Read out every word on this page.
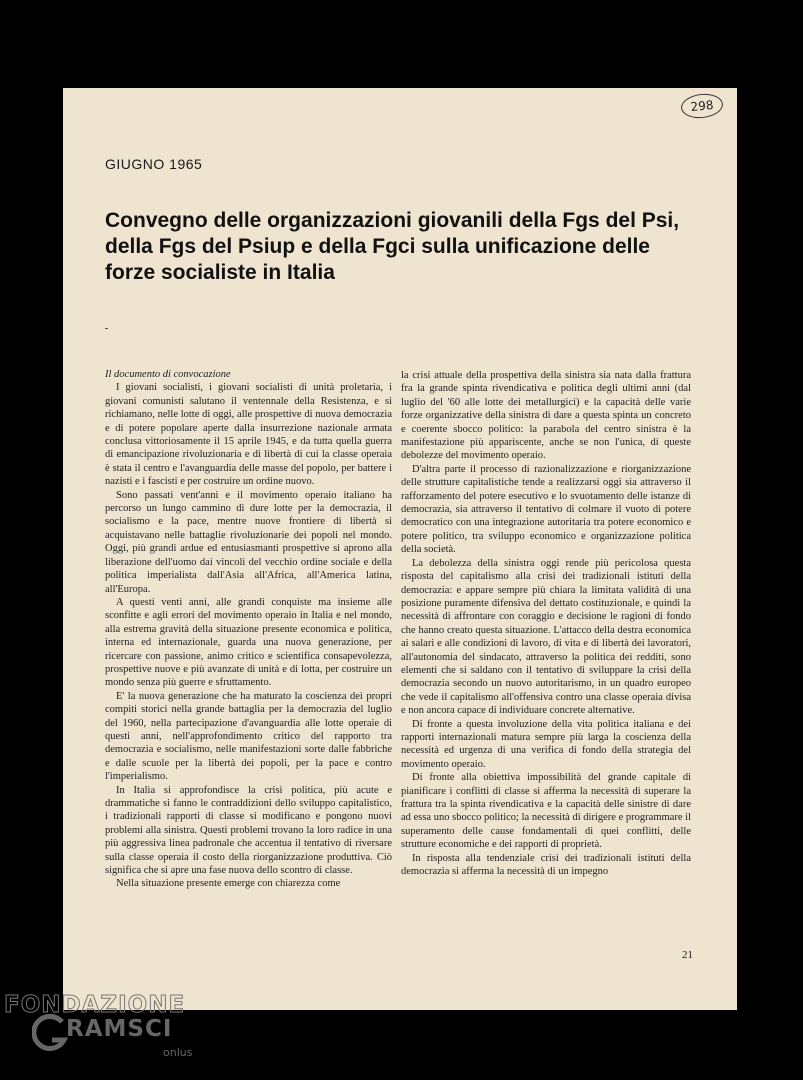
298
GIUGNO 1965
Convegno delle organizzazioni giovanili della Fgs del Psi, della Fgs del Psiup e della Fgci sulla unificazione delle forze socialiste in Italia

Il documento di convocazione

I giovani socialisti, i giovani socialisti di unità proletaria, i giovani comunisti salutano il ventennale della Resistenza, e si richiamano, nelle lotte di oggi, alle prospettive di nuova democrazia e di potere popolare aperte dalla insurrezione nazionale armata conclusa vittoriosamente il 15 aprile 1945, e da tutta quella guerra di emancipazione rivoluzionaria e di libertà di cui la classe operaia è stata il centro e l'avanguardia delle masse del popolo, per battere i nazisti e i fascisti e per costruire un ordine nuovo.

Sono passati vent'anni e il movimento operaio italiano ha percorso un lungo cammino di dure lotte per la democrazia, il socialismo e la pace, mentre nuove frontiere di libertà si acquistavano nelle battaglie rivoluzionarie dei popoli nel mondo. Oggi, più grandi ardue ed entusiasmanti prospettive si aprono alla liberazione dell'uomo dai vincoli del vecchio ordine sociale e della politica imperialista dall'Asia all'Africa, all'America latina, all'Europa.

A questi venti anni, alle grandi conquiste ma insieme alle sconfitte e agli errori del movimento operaio in Italia e nel mondo, alla estrema gravità della situazione presente economica e politica, interna ed internazionale, guarda una nuova generazione, per ricercare con passione, animo critico e scientifica consapevolezza, prospettive nuove e più avanzate di unità e di lotta, per costruire un mondo senza più guerre e sfruttamento.

E' la nuova generazione che ha maturato la coscienza dei propri compiti storici nella grande battaglia per la democrazia del luglio del 1960, nella partecipazione d'avanguardia alle lotte operaie di questi anni, nell'approfondimento critico del rapporto tra democrazia e socialismo, nelle manifestazioni sorte dalle fabbriche e dalle scuole per la libertà dei popoli, per la pace e contro l'imperialismo.

In Italia si approfondisce la crisi politica, più acute e drammatiche si fanno le contraddizioni dello sviluppo capitalistico, i tradizionali rapporti di classe si modificano e pongono nuovi problemi alla sinistra. Questi problemi trovano la loro radice in una più aggressiva linea padronale che accentua il tentativo di riversare sulla classe operaia il costo della riorganizzazione produttiva. Ciò significa che si apre una fase nuova dello scontro di classe.

Nella situazione presente emerge con chiarezza come

la crisi attuale della prospettiva della sinistra sia nata dalla frattura fra la grande spinta rivendicativa e politica degli ultimi anni (dal luglio del '60 alle lotte dei metallurgici) e la capacità delle varie forze organizzative della sinistra di dare a questa spinta un concreto e coerente sbocco politico: la parabola del centro sinistra è la manifestazione più appariscente, anche se non l'unica, di queste debolezze del movimento operaio.

D'altra parte il processo di razionalizzazione e riorganizzazione delle strutture capitalistiche tende a realizzarsi oggi sia attraverso il rafforzamento del potere esecutivo e lo svuotamento delle istanze di democrazia, sia attraverso il tentativo di colmare il vuoto di potere democratico con una integrazione autoritaria tra potere economico e potere politico, tra sviluppo economico e organizzazione politica della società.

La debolezza della sinistra oggi rende più pericolosa questa risposta del capitalismo alla crisi dei tradizionali istituti della democrazia: e appare sempre più chiara la limitata validità di una posizione puramente difensiva del dettato costituzionale, e quindi la necessità di affrontare con coraggio e decisione le ragioni di fondo che hanno creato questa situazione. L'attacco della destra economica ai salari e alle condizioni di lavoro, di vita e di libertà dei lavoratori, all'autonomia del sindacato, attraverso la politica dei redditi, sono elementi che si saldano con il tentativo di sviluppare la crisi della democrazia secondo un nuovo autoritarismo, in un quadro europeo che vede il capitalismo all'offensiva contro una classe operaia divisa e non ancora capace di individuare concrete alternative.

Di fronte a questa involuzione della vita politica italiana e dei rapporti internazionali matura sempre più larga la coscienza della necessità ed urgenza di una verifica di fondo della strategia del movimento operaio.

Di fronte alla obiettiva impossibilità del grande capitale di pianificare i conflitti di classe si afferma la necessità di superare la frattura tra la spinta rivendicativa e la capacità delle sinistre di dare ad essa uno sbocco politico; la necessità di dirigere e programmare il superamento delle cause fondamentali di quei conflitti, delle strutture economiche e dei rapporti di proprietà.

In risposta alla tendenziale crisi dei tradizionali istituti della democrazia si afferma la necessità di un impegno

21
FONDAZIONE
RAMSCI
onlus
